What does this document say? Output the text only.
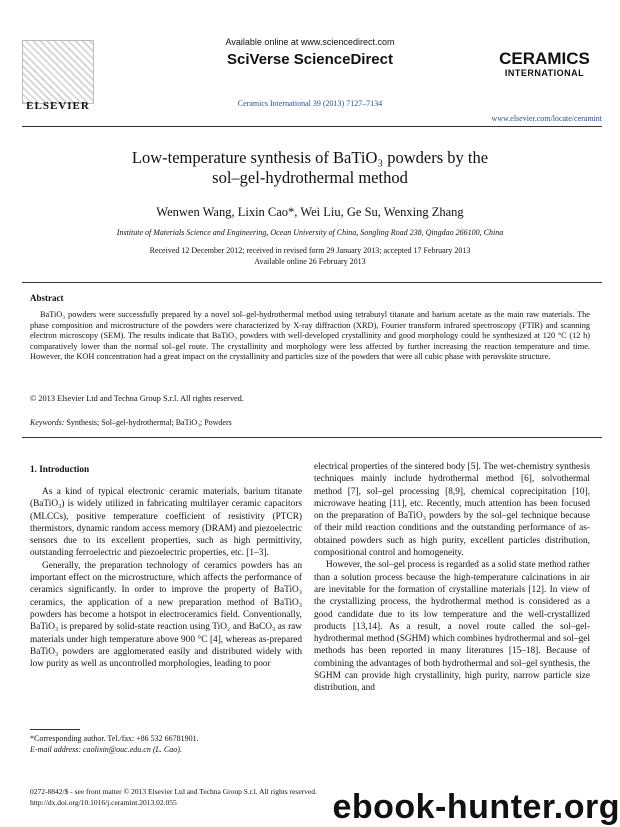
ELSEVIER
Available online at www.sciencedirect.com
SciVerse ScienceDirect
Ceramics International 39 (2013) 7127–7134
CERAMICS
INTERNATIONAL
www.elsevier.com/locate/ceramint
Low-temperature synthesis of BaTiO₃ powders by the
sol–gel-hydrothermal method
Wenwen Wang, Lixin Cao*, Wei Liu, Ge Su, Wenxing Zhang
Institute of Materials Science and Engineering, Ocean University of China, Songling Road 238, Qingdao 266100, China
Received 12 December 2012; received in revised form 29 January 2013; accepted 17 February 2013
Available online 26 February 2013
Abstract
BaTiO₃ powders were successfully prepared by a novel sol–gel-hydrothermal method using tetrabutyl titanate and barium acetate as the main raw materials. The phase composition and microstructure of the powders were characterized by X-ray diffraction (XRD), Fourier transform infrared spectroscopy (FTIR) and scanning electron microscopy (SEM). The results indicate that BaTiO₃ powders with well-developed crystallinity and good morphology could be synthesized at 120 °C (12 h) comparatively lower than the normal sol–gel route. The crystallinity and morphology were less affected by further increasing the reaction temperature and time. However, the KOH concentration had a great impact on the crystallinity and particles size of the powders that were all cubic phase with perovskite structure.
© 2013 Elsevier Ltd and Techna Group S.r.l. All rights reserved.
Keywords: Synthesis; Sol–gel-hydrothermal; BaTiO₃; Powders
1. Introduction

As a kind of typical electronic ceramic materials, barium titanate (BaTiO₃) is widely utilized in fabricating multilayer ceramic capacitors (MLCCs), positive temperature coefficient of resistivity (PTCR) thermistors, dynamic random access memory (DRAM) and piezoelectric sensors due to its excellent properties, such as high permittivity, outstanding ferroelectric and piezoelectric properties, etc. [1–3].

Generally, the preparation technology of ceramics powders has an important effect on the microstructure, which affects the performance of ceramics significantly. In order to improve the property of BaTiO₃ ceramics, the application of a new preparation method of BaTiO₃ powders has become a hotspot in electroceramics field. Conventionally, BaTiO₃ is prepared by solid-state reaction using TiO₂ and BaCO₃ as raw materials under high temperature above 900 °C [4], whereas as-prepared BaTiO₃ powders are agglomerated easily and distributed widely with low purity as well as uncontrolled morphologies, leading to poor

electrical properties of the sintered body [5]. The wet-chemistry synthesis techniques mainly include hydrothermal method [6], solvothermal method [7], sol–gel processing [8,9], chemical coprecipitation [10], microwave heating [11], etc. Recently, much attention has been focused on the preparation of BaTiO₃ powders by the sol–gel technique because of their mild reaction conditions and the outstanding performance of as-obtained powders such as high purity, excellent particles distribution, compositional control and homogeneity.

However, the sol–gel process is regarded as a solid state method rather than a solution process because the high-temperature calcinations in air are inevitable for the formation of crystalline materials [12]. In view of the crystallizing process, the hydrothermal method is considered as a good candidate due to its low temperature and the well-crystallized products [13,14]. As a result, a novel route called the sol–gel-hydrothermal method (SGHM) which combines hydrothermal and sol–gel methods has been reported in many literatures [15–18]. Because of combining the advantages of both hydrothermal and sol–gel synthesis, the SGHM can provide high crystallinity, high purity, narrow particle size distribution, and

*Corresponding author. Tel./fax: +86 532 66781901.
E-mail address: caolixin@ouc.edu.cn (L. Cao).
0272-8842/$ - see front matter © 2013 Elsevier Ltd and Techna Group S.r.l. All rights reserved.
http://dx.doi.org/10.1016/j.ceramint.2013.02.055	ebook-hunter.org
